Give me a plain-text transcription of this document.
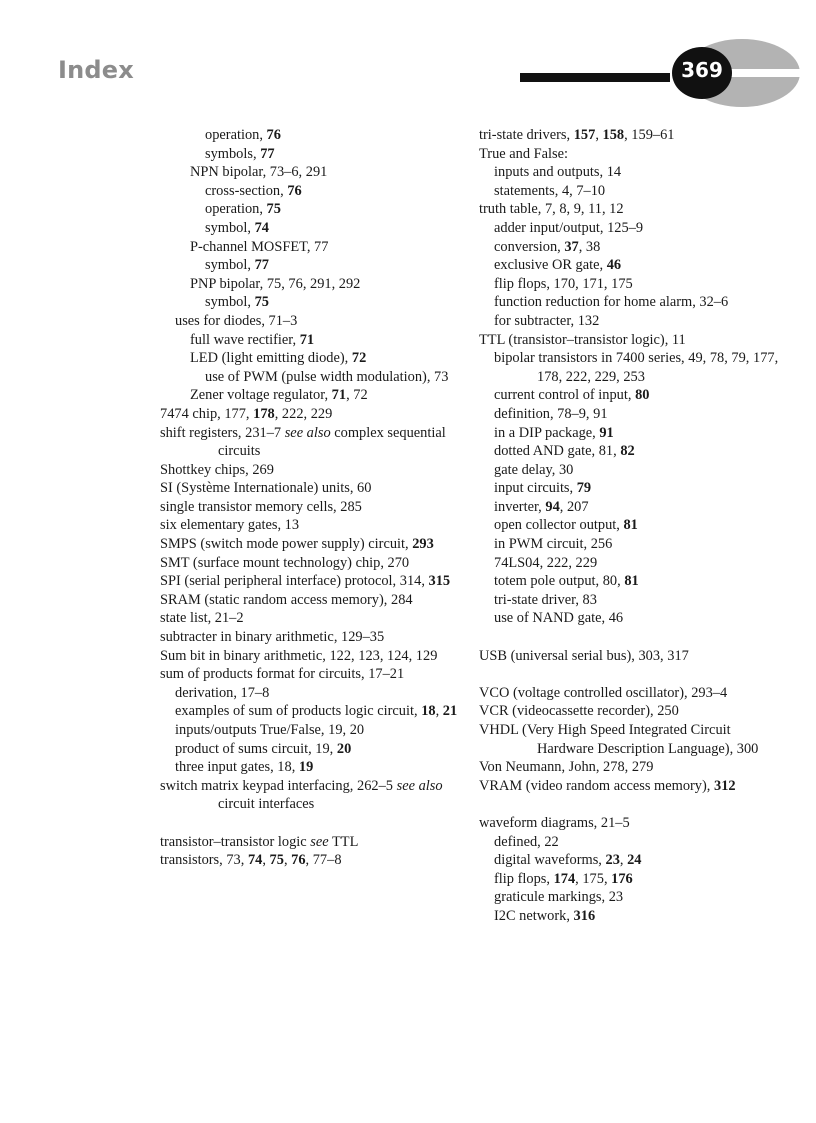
Index	369
operation, 76
symbols, 77
NPN bipolar, 73–6, 291
cross-section, 76
operation, 75
symbol, 74
P-channel MOSFET, 77
symbol, 77
PNP bipolar, 75, 76, 291, 292
symbol, 75
uses for diodes, 71–3
full wave rectifier, 71
LED (light emitting diode), 72
use of PWM (pulse width modulation), 73
Zener voltage regulator, 71, 72
7474 chip, 177, 178, 222, 229
shift registers, 231–7 see also complex sequential circuits
Shottkey chips, 269
SI (Système Internationale) units, 60
single transistor memory cells, 285
six elementary gates, 13
SMPS (switch mode power supply) circuit, 293
SMT (surface mount technology) chip, 270
SPI (serial peripheral interface) protocol, 314, 315
SRAM (static random access memory), 284
state list, 21–2
subtracter in binary arithmetic, 129–35
Sum bit in binary arithmetic, 122, 123, 124, 129
sum of products format for circuits, 17–21
derivation, 17–8
examples of sum of products logic circuit, 18, 21
inputs/outputs True/False, 19, 20
product of sums circuit, 19, 20
three input gates, 18, 19
switch matrix keypad interfacing, 262–5 see also circuit interfaces
transistor–transistor logic see TTL
transistors, 73, 74, 75, 76, 77–8
tri-state drivers, 157, 158, 159–61
True and False:
inputs and outputs, 14
statements, 4, 7–10
truth table, 7, 8, 9, 11, 12
adder input/output, 125–9
conversion, 37, 38
exclusive OR gate, 46
flip flops, 170, 171, 175
function reduction for home alarm, 32–6
for subtracter, 132
TTL (transistor–transistor logic), 11
bipolar transistors in 7400 series, 49, 78, 79, 177, 178, 222, 229, 253
current control of input, 80
definition, 78–9, 91
in a DIP package, 91
dotted AND gate, 81, 82
gate delay, 30
input circuits, 79
inverter, 94, 207
open collector output, 81
in PWM circuit, 256
74LS04, 222, 229
totem pole output, 80, 81
tri-state driver, 83
use of NAND gate, 46
USB (universal serial bus), 303, 317
VCO (voltage controlled oscillator), 293–4
VCR (videocassette recorder), 250
VHDL (Very High Speed Integrated Circuit Hardware Description Language), 300
Von Neumann, John, 278, 279
VRAM (video random access memory), 312
waveform diagrams, 21–5
defined, 22
digital waveforms, 23, 24
flip flops, 174, 175, 176
graticule markings, 23
I2C network, 316
